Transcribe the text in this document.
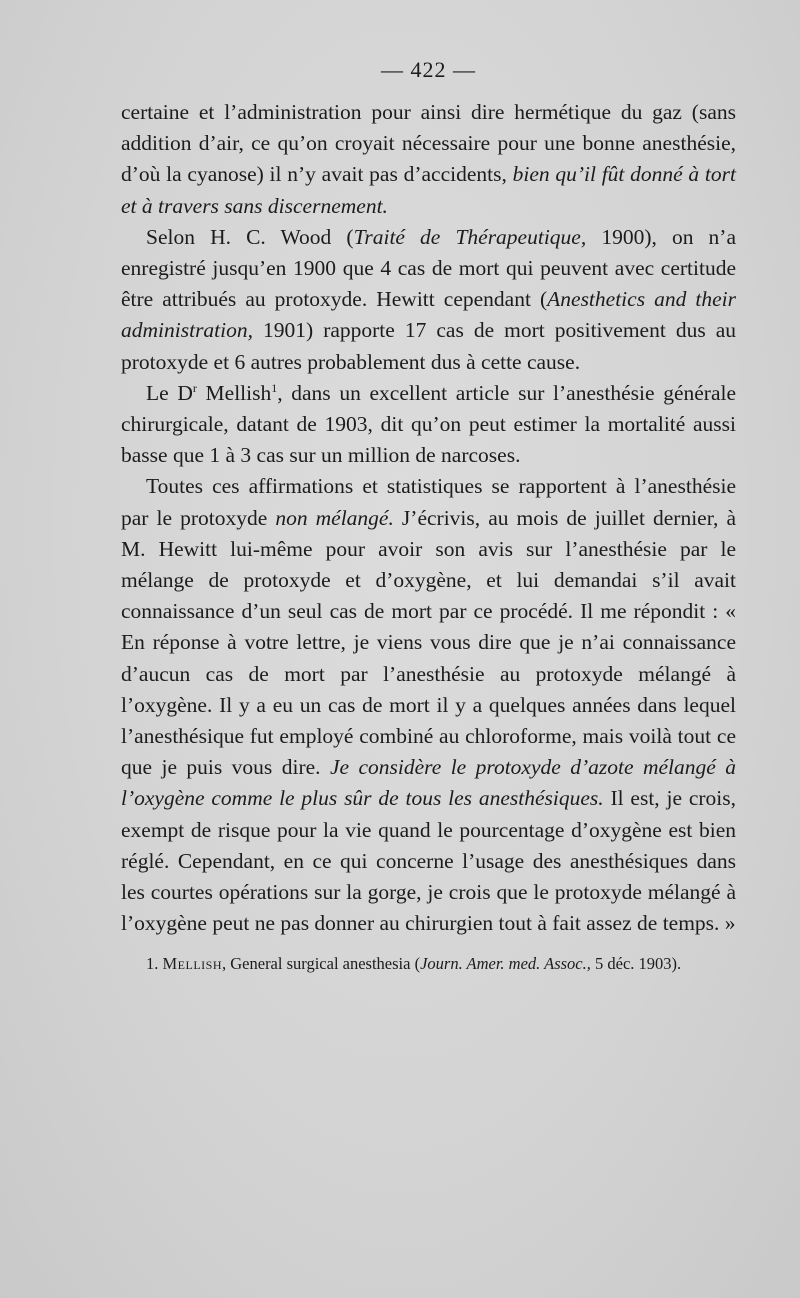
— 422 —

certaine et l’administration pour ainsi dire hermétique du gaz (sans addition d’air, ce qu’on croyait nécessaire pour une bonne anesthésie, d’où la cyanose) il n’y avait pas d’accidents, bien qu’il fût donné à tort et à travers sans discernement.

Selon H. C. Wood (Traité de Thérapeutique, 1900), on n’a enregistré jusqu’en 1900 que 4 cas de mort qui peuvent avec certitude être attribués au protoxyde. Hewitt cependant (Anesthetics and their administration, 1901) rapporte 17 cas de mort positivement dus au protoxyde et 6 autres probablement dus à cette cause.

Le $D^r$ Mellish$^1$, dans un excellent article sur l’anesthésie générale chirurgicale, datant de 1903, dit qu’on peut estimer la mortalité aussi basse que 1 à 3 cas sur un million de narcoses.

Toutes ces affirmations et statistiques se rapportent à l’anesthésie par le protoxyde non mélangé. J’écrivis, au mois de juillet dernier, à M. Hewitt lui-même pour avoir son avis sur l’anesthésie par le mélange de protoxyde et d’oxygène, et lui demandai s’il avait connaissance d’un seul cas de mort par ce procédé. Il me répondit : « En réponse à votre lettre, je viens vous dire que je n’ai connaissance d’aucun cas de mort par l’anesthésie au protoxyde mélangé à l’oxygène. Il y a eu un cas de mort il y a quelques années dans lequel l’anesthésique fut employé combiné au chloroforme, mais voilà tout ce que je puis vous dire. Je considère le protoxyde d’azote mélangé à l’oxygène comme le plus sûr de tous les anesthésiques. Il est, je crois, exempt de risque pour la vie quand le pourcentage d’oxygène est bien réglé. Cependant, en ce qui concerne l’usage des anesthésiques dans les courtes opérations sur la gorge, je crois que le protoxyde mélangé à l’oxygène peut ne pas donner au chirurgien tout à fait assez de temps. »

1. Mellish, General surgical anesthesia (Journ. Amer. med. Assoc., 5 déc. 1903).
